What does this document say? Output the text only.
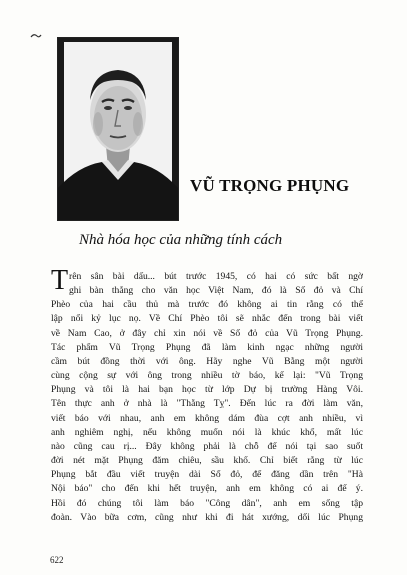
VŨ TRỌNG PHỤNG
Nhà hóa học của những tính cách
T rên sân bài dấu... bút trước 1945, có hai có sức bất ngờ
ghi bàn thắng cho văn học Việt Nam, đó là Số đỏ và Chí
Phèo của hai cầu thủ mà trước đó không ai tin rằng có thể
lập nổi kỷ lục nọ. Về Chí Phèo tôi sẽ nhắc đến trong bài viết
về Nam Cao, ở đây chỉ xin nói về Số đỏ của Vũ Trọng Phụng.
Tác phẩm Vũ Trọng Phụng đã làm kinh ngạc những người
cầm bút đồng thời với ông. Hãy nghe Vũ Bằng một người
cùng cộng sự với ông trong nhiều tờ báo, kể lại: "Vũ Trọng
Phụng và tôi là hai bạn học từ lớp Dự bị trường Hàng Vôi.
Tên thực anh ở nhà là "Thằng Tỵ". Đến lúc ra đời làm văn,
viết báo với nhau, anh em không dám đùa cợt anh nhiều, vì
anh nghiêm nghị, nếu không muốn nói là khúc khổ, mất lúc
nào cũng cau rị... Đây không phải là chỗ để nói tại sao suốt
đời nét mặt Phụng đăm chiêu, sầu khổ. Chỉ biết rằng từ lúc
Phụng bắt đầu viết truyện dài Số đỏ, để đăng dần trên "Hà
Nội báo" cho đến khi hết truyện, anh em không có ai để ý.
Hồi đó chúng tôi làm báo "Công dân", anh em sống tập
đoàn. Vào bữa cơm, cũng như khi đi hát xướng, dối lúc Phụng
622
